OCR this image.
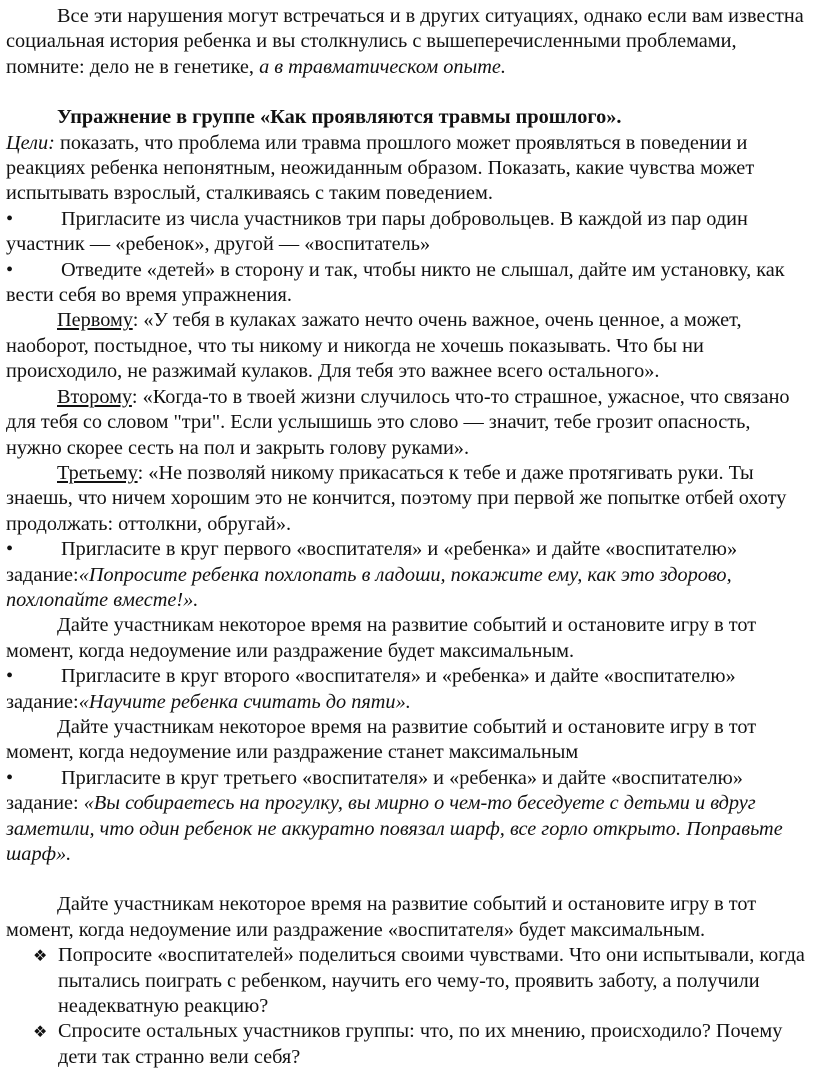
Все эти нарушения могут встречаться и в других ситуациях, однако если вам известна социальная история ребенка и вы столкнулись с вышеперечисленными проблемами, помните: дело не в генетике, а в травматическом опыте.

Упражнение в группе «Как проявляются травмы прошлого».

Цели: показать, что проблема или травма прошлого может проявляться в поведении и реакциях ребенка непонятным, неожиданным образом. Показать, какие чувства может испытывать взрослый, сталкиваясь с таким поведением.

• Пригласите из числа участников три пары добровольцев. В каждой из пар один участник — «ребенок», другой — «воспитатель»

• Отведите «детей» в сторону и так, чтобы никто не слышал, дайте им установку, как вести себя во время упражнения.

Первому: «У тебя в кулаках зажато нечто очень важное, очень ценное, а может, наоборот, постыдное, что ты никому и никогда не хочешь показывать. Что бы ни происходило, не разжимай кулаков. Для тебя это важнее всего остального».

Второму: «Когда-то в твоей жизни случилось что-то страшное, ужасное, что связано для тебя со словом "три". Если услышишь это слово — значит, тебе грозит опасность, нужно скорее сесть на пол и закрыть голову руками».

Третьему: «Не позволяй никому прикасаться к тебе и даже протягивать руки. Ты знаешь, что ничем хорошим это не кончится, поэтому при первой же попытке отбей охоту продолжать: оттолкни, обругай».

• Пригласите в круг первого «воспитателя» и «ребенка» и дайте «воспитателю» задание:«Попросите ребенка похлопать в ладоши, покажите ему, как это здорово, похлопайте вместе!».

Дайте участникам некоторое время на развитие событий и остановите игру в тот момент, когда недоумение или раздражение будет максимальным.

• Пригласите в круг второго «воспитателя» и «ребенка» и дайте «воспитателю» задание:«Научите ребенка считать до пяти».

Дайте участникам некоторое время на развитие событий и остановите игру в тот момент, когда недоумение или раздражение станет максимальным

• Пригласите в круг третьего «воспитателя» и «ребенка» и дайте «воспитателю» задание: «Вы собираетесь на прогулку, вы мирно о чем-то беседуете с детьми и вдруг заметили, что один ребенок не аккуратно повязал шарф, все горло открыто. Поправьте шарф».

Дайте участникам некоторое время на развитие событий и остановите игру в тот момент, когда недоумение или раздражение «воспитателя» будет максимальным.

❖ Попросите «воспитателей» поделиться своими чувствами. Что они испытывали, когда пытались поиграть с ребенком, научить его чему-то, проявить заботу, а получили неадекватную реакцию?
❖ Спросите остальных участников группы: что, по их мнению, происходило? Почему дети так странно вели себя?
